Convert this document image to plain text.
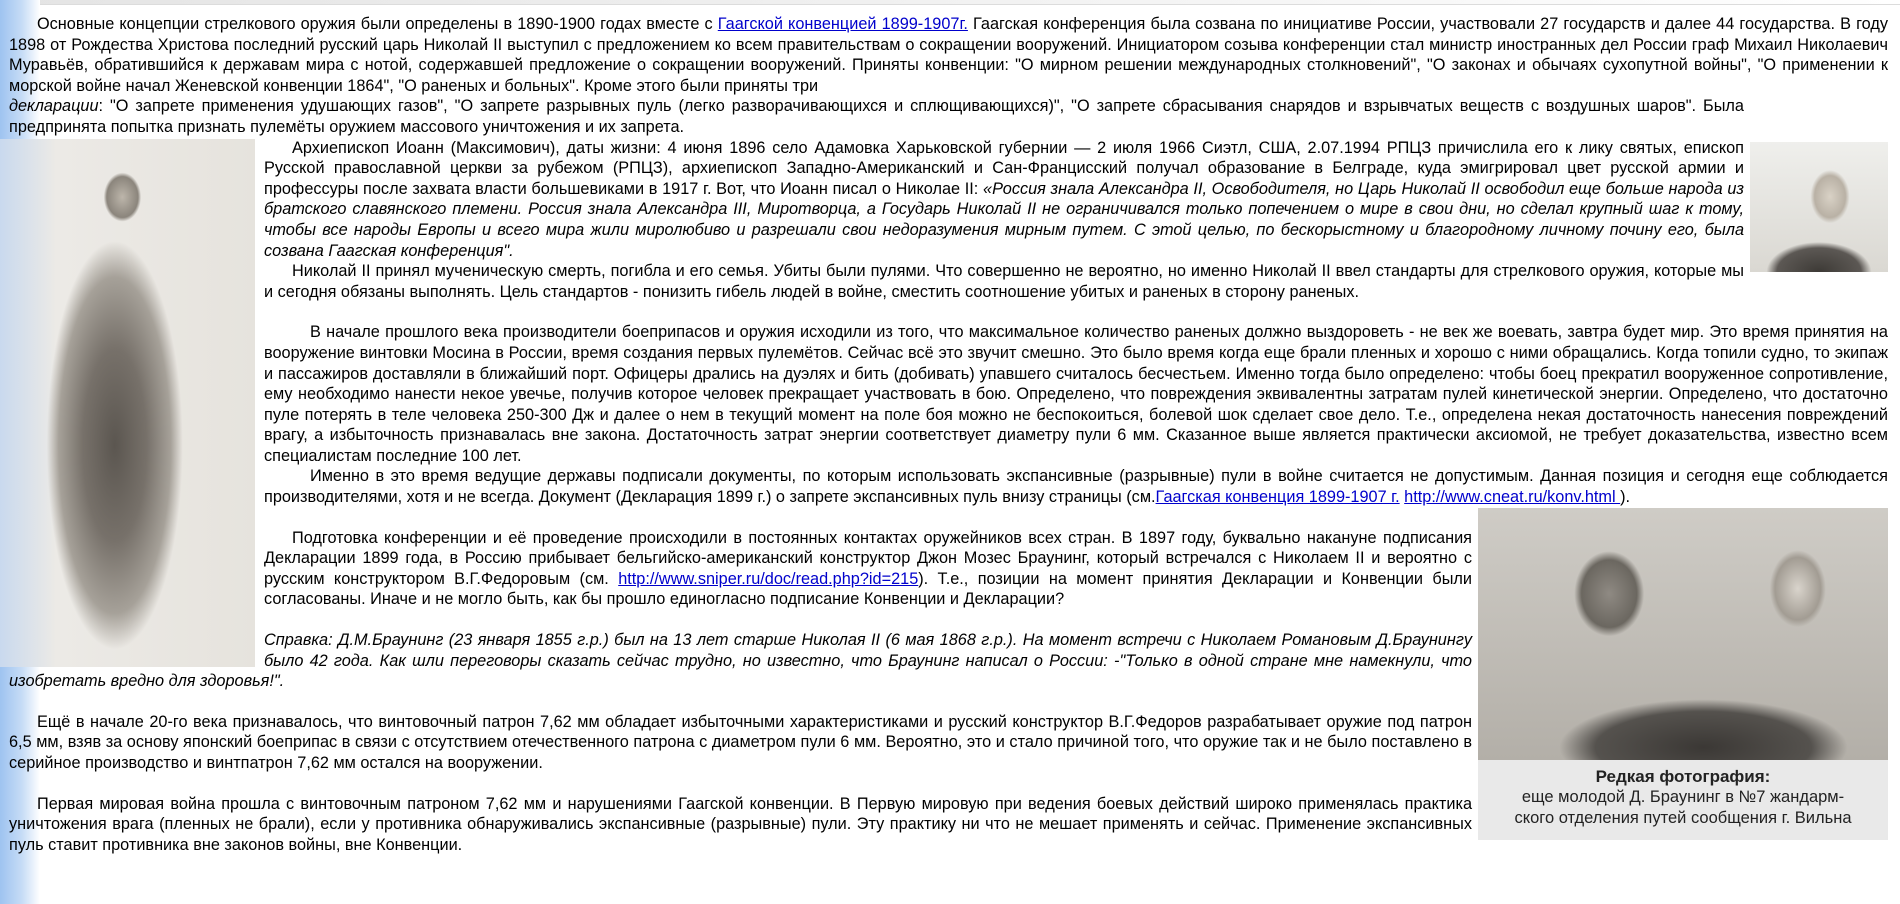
Основные концепции стрелкового оружия были определены в 1890-1900 годах вместе с Гаагской конвенцией 1899-1907г. Гаагская конференция была созвана по инициативе России, участвовали 27 государств и далее 44 государства. В году 1898 от Рождества Христова последний русский царь Николай II выступил с предложением ко всем правительствам о сокращении вооружений. Инициатором созыва конференции стал министр иностранных дел России граф Михаил Николаевич Муравьёв, обратившийся к державам мира с нотой, содержавшей предложение о сокращении вооружений. Приняты конвенции: "О мирном решении международных столкновений", "О законах и обычаях сухопутной войны", "О применении к морской войне начал Женевской конвенции 1864", "О раненых и больных". Кроме этого были приняты три

декларации: "О запрете применения удушающих газов", "О запрете разрывных пуль (легко разворачивающихся и сплющивающихся)", "О запрете сбрасывания снарядов и взрывчатых веществ с воздушных шаров". Была предпринята попытка признать пулемёты оружием массового уничтожения и их запрета.

Архиепископ Иоанн (Максимович), даты жизни: 4 июня 1896 село Адамовка Харьковской губернии — 2 июля 1966 Сиэтл, США, 2.07.1994 РПЦЗ причислила его к лику святых, епископ Русской православной церкви за рубежом (РПЦЗ), архиепископ Западно-Американский и Сан-Францисский получал образование в Белграде, куда эмигрировал цвет русской армии и профессуры после захвата власти большевиками в 1917 г. Вот, что Иоанн писал о Николае II: «Россия знала Александра II, Освободителя, но Царь Николай II освободил еще больше народа из братского славянского племени. Россия знала Александра III, Миротворца, а Государь Николай II не ограничивался только попечением о мире в свои дни, но сделал крупный шаг к тому, чтобы все народы Европы и всего мира жили миролюбиво и разрешали свои недоразумения мирным путем. С этой целью, по бескорыстному и благородному личному почину его, была созвана Гаагская конференция".

Николай II принял мученическую смерть, погибла и его семья. Убиты были пулями. Что совершенно не вероятно, но именно Николай II ввел стандарты для стрелкового оружия, которые мы и сегодня обязаны выполнять. Цель стандартов - понизить гибель людей в войне, сместить соотношение убитых и раненых в сторону раненых.

В начале прошлого века производители боеприпасов и оружия исходили из того, что максимальное количество раненых должно выздороветь - не век же воевать, завтра будет мир. Это время принятия на вооружение винтовки Мосина в России, время создания первых пулемётов. Сейчас всё это звучит смешно. Это было время когда еще брали пленных и хорошо с ними обращались. Когда топили судно, то экипаж и пассажиров доставляли в ближайший порт. Офицеры дрались на дуэлях и бить (добивать) упавшего считалось бесчестьем. Именно тогда было определено: чтобы боец прекратил вооруженное сопротивление, ему необходимо нанести некое увечье, получив которое человек прекращает участвовать в бою. Определено, что повреждения эквивалентны затратам пулей кинетической энергии. Определено, что достаточно пуле потерять в теле человека 250-300 Дж и далее о нем в текущий момент на поле боя можно не беспокоиться, болевой шок сделает свое дело. Т.е., определена некая достаточность нанесения повреждений врагу, а избыточность признавалась вне закона. Достаточность затрат энергии соответствует диаметру пули 6 мм. Сказанное выше является практически аксиомой, не требует доказательства, известно всем специалистам последние 100 лет.

Именно в это время ведущие державы подписали документы, по которым использовать экспансивные (разрывные) пули в войне считается не допустимым. Данная позиция и сегодня еще соблюдается производителями, хотя и не всегда. Документ (Декларация 1899 г.) о запрете экспансивных пуль внизу страницы (см.Гаагская конвенция 1899-1907 г. http://www.cneat.ru/konv.html ).

Редкая фотография:
еще молодой Д. Браунинг в №7 жандарм-
ского отделения путей сообщения г. Вильна

Подготовка конференции и её проведение происходили в постоянных контактах оружейников всех стран. В 1897 году, буквально накануне подписания Декларации 1899 года, в Россию прибывает бельгийско-американский конструктор Джон Мозес Браунинг, который встречался с Николаем II и вероятно с русским конструктором В.Г.Федоровым (см. http://www.sniper.ru/doc/read.php?id=215). Т.е., позиции на момент принятия Декларации и Конвенции были согласованы. Иначе и не могло быть, как бы прошло единогласно подписание Конвенции и Декларации?

Справка: Д.М.Браунинг (23 января 1855 г.р.) был на 13 лет старше Николая II (6 мая 1868 г.р.). На момент встречи с Николаем Романовым Д.Браунингу было 42 года. Как шли переговоры сказать сейчас трудно, но известно, что Браунинг написал о России: -"Только в одной стране мне намекнули, что изобретать вредно для здоровья!".

Ещё в начале 20-го века признавалось, что винтовочный патрон 7,62 мм обладает избыточными характеристиками и русский конструктор В.Г.Федоров разрабатывает оружие под патрон 6,5 мм, взяв за основу японский боеприпас в связи с отсутствием отечественного патрона с диаметром пули 6 мм. Вероятно, это и стало причиной того, что оружие так и не было поставлено в серийное производство и винтпатрон 7,62 мм остался на вооружении.

Первая мировая война прошла с винтовочным патроном 7,62 мм и нарушениями Гаагской конвенции. В Первую мировую при ведения боевых действий широко применялась практика уничтожения врага (пленных не брали), если у противника обнаруживались экспансивные (разрывные) пули. Эту практику ни что не мешает применять и сейчас. Применение экспансивных пуль ставит противника вне законов войны, вне Конвенции.
